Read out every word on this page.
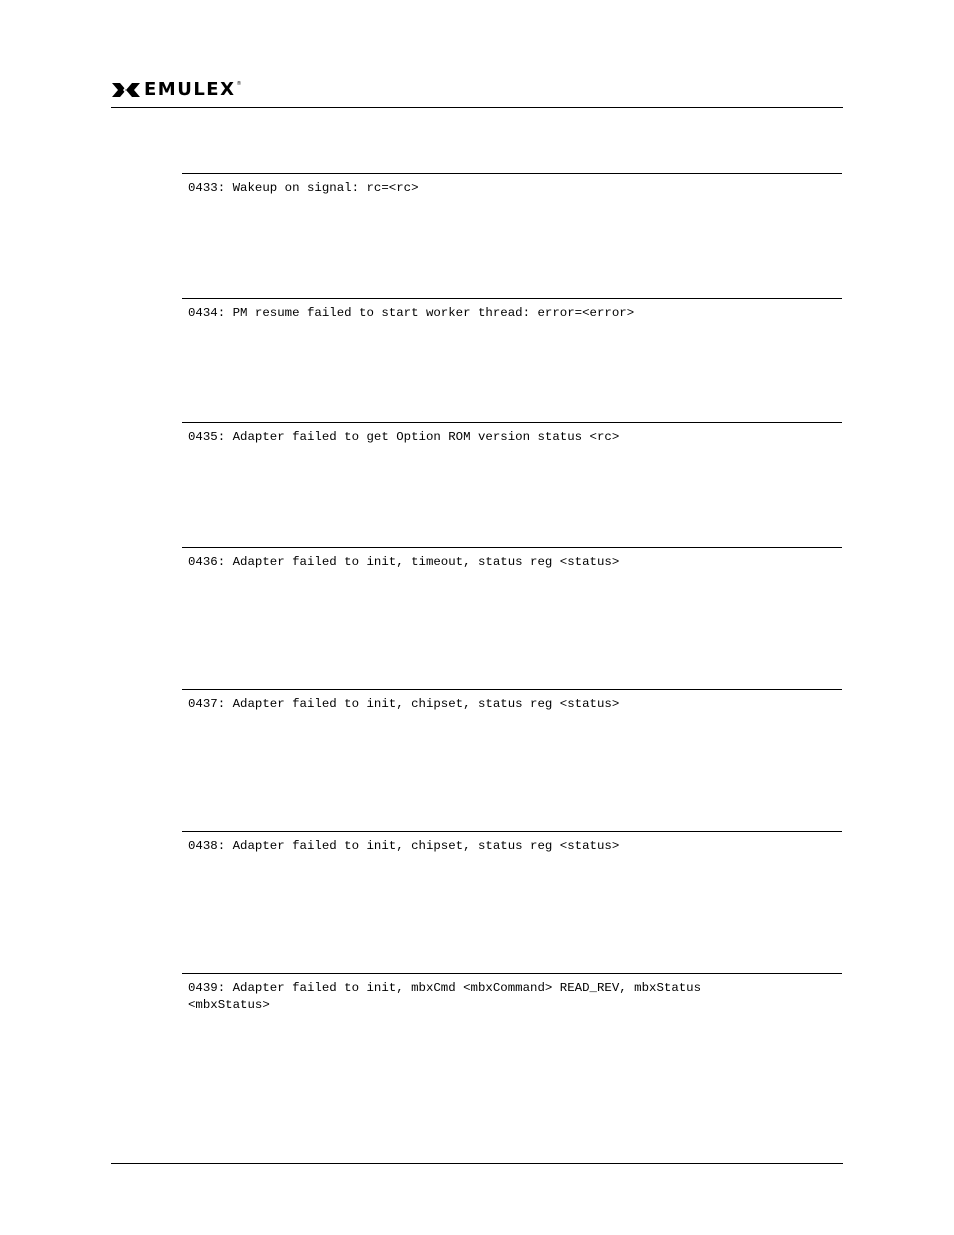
EMULEX ®

0433: Wakeup on signal: rc=<rc>

0434: PM resume failed to start worker thread: error=<error>

0435: Adapter failed to get Option ROM version status <rc>

0436: Adapter failed to init, timeout, status reg <status>

0437: Adapter failed to init, chipset, status reg <status>

0438: Adapter failed to init, chipset, status reg <status>

0439: Adapter failed to init, mbxCmd <mbxCommand> READ_REV, mbxStatus <mbxStatus>
